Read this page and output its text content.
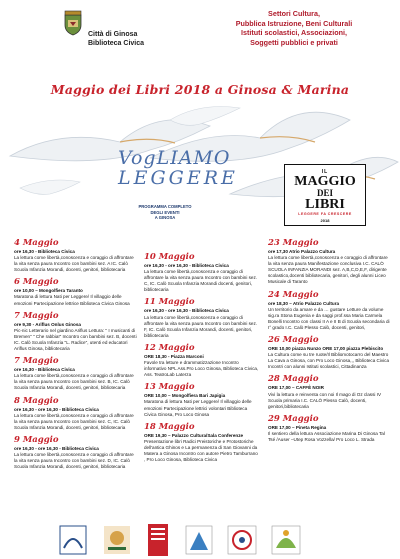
Città di Ginosa
Biblioteca Civica
Settori Cultura,
Pubblica Istruzione, Beni Culturali
Istituti scolastici, Associazioni,
Soggetti pubblici e privati
Maggio dei Libri 2018 a Ginosa & Marina
VogLIAMO
LEGGERE
PROGRAMMA COMPLETO
DEGLI EVENTI
A GINOSA
IL
MAGGIO
DEI
LIBRI
LEGGERE FA CRESCERE
2018
4 Maggio
ore 16,30 - Biblioteca Civica
La lettura come libertà,conoscenza e coraggio di affrontare la vita senza paura Incontro con bambini sez. A IC. Calò Scuola Infanzia Morandi, docenti, genitori, bibliotecaria
6 Maggio
ore 10,00 – Mongolfiera Taranto
Maratona di lettura Nati per Leggere/ Il villaggio delle emozioni Partecipazione lettrice Biblioteca Civica Ginosa
7 Maggio
ore 9,30 - Ariflus Onlus Ginosa
Pic-nic Letterario nel giardino Ariflus Lettura: " I musicanti di Bremen" " Che rabbia!" Incontro con bambini sez. B, docenti IC. Calò Scuola Infanzia "L. Radice", utenti ed educatori Ariflus Ginosa, bibliotecaria
7 Maggio
ore 16,30 - Biblioteca Civica
La lettura come libertà,conoscenza e coraggio di affrontare la vita senza paura Incontro con bambini sez. B, IC. Calò Scuola Infanzia Morandi, docenti, genitori, bibliotecaria
8 Maggio
ore 16,30 - ore 16,30 - Biblioteca Civica
La lettura come libertà,conoscenza e coraggio di affrontare la vita senza paura Incontro con bambini sez. C, IC. Calò Scuola Infanzia Morandi, docenti, genitori, bibliotecaria
9 Maggio
ore 16,30 - ore 16,30 - Biblioteca Civica
La lettura come libertà,conoscenza e coraggio di affrontare la vita senza paura Incontro con bambini sez. D, IC. Calò Scuola Infanzia Morandi, docenti, genitori, bibliotecaria
10 Maggio
ore 16,30 - ore 16,30 - Biblioteca Civica
La lettura come libertà,conoscenza e coraggio di affrontare la vita senza paura Incontro con bambini sez. C, IC. Calò Scuola Infanzia Morandi docenti, genitori, bibliotecaria
11 Maggio
ore 16,30 - ore 16,30 - Biblioteca Civica
La lettura come libertà,conoscenza e coraggio di affrontare la vita senza paura Incontro con bambini sez. F, IC. Calò Scuola Infanzia Morandi, docenti, genitori, bibliotecaria
12 Maggio
ORE 18,30 - Piazza Marconi
Favole tra letture e drammatizzazione Incontro informativo NPL Ass.Pro Loco Ginosa, Biblioteca Civica, Ass. TeatroLab Laterza
13 Maggio
ORE 10,00 – Mongolfiera Bari Japigia
Maratona di lettura Nati per Leggere/ Il villaggio delle emozioni Partecipazione lettrici volontari Biblioteca Civica Ginosa, Pro Loco Ginosa
18 Maggio
ORE 19,30 – Palazzo Cultura/Sala Conferenze
Presentazione libri Radici Preistoriche e Protostoriche dell'antica Ghinos e La permanenza di San Giovanni da Matera a Ginosa Incontro con autore Pietro Tamburrano , Pro Loco Ginosa, Biblioteca Civica
23 Maggio
ore 17,30 Atrio Palazzo Cultura
La lettura come libertà,conoscenza e coraggio di affrontare la vita senza paura Manifestazione conclusiva I.C. CALÒ SCUOLA INFANZIA MORANDI sez. A,B,C,D,E,F, dirigente scolastico,docenti bibliotecaria, genitori, degli alunni Liceo Musicale di Taranto
24 Maggio
ore 18,30 – Atrio Palazzo Cultura
Un territorio da amare e da … gustare Letture da volume sig.ra Stona Eugenia e da saggi prof.ssa Maria Carmela Bonelli Incontro con classi II A e II B di Scuola secondaria di I° grado I.C. Calò Plesso Calò, docenti, genitori,
26 Maggio
ORE 10,00 piazza Nunzo ORE 17,00 piazza Plebiscito
La Cultura come su tre ruote/Il Bibliomotocarro del Maestro La Cava a Ginosa, con Pro Loco Ginosa,,, Biblioteca Civica Incontri con alunni Istituti scolastici, Cittadinanza
28 Maggio
ORE 17,00 – CAFFÈ NOIR
Vivi la lettura e reinventa con noi Il mago di Oz classi IV Scuola primaria I.C. CALÒ Plesso Calò, docenti, genitori,bibliotecaria
29 Maggio
ORE 17,00 – Pineta Regina
Il sentiero della lettura Associazione Marina Di Ginosa Tal Tsé /Auser –Utep Rosa Vozzella/ Pro Loco L. Strada
